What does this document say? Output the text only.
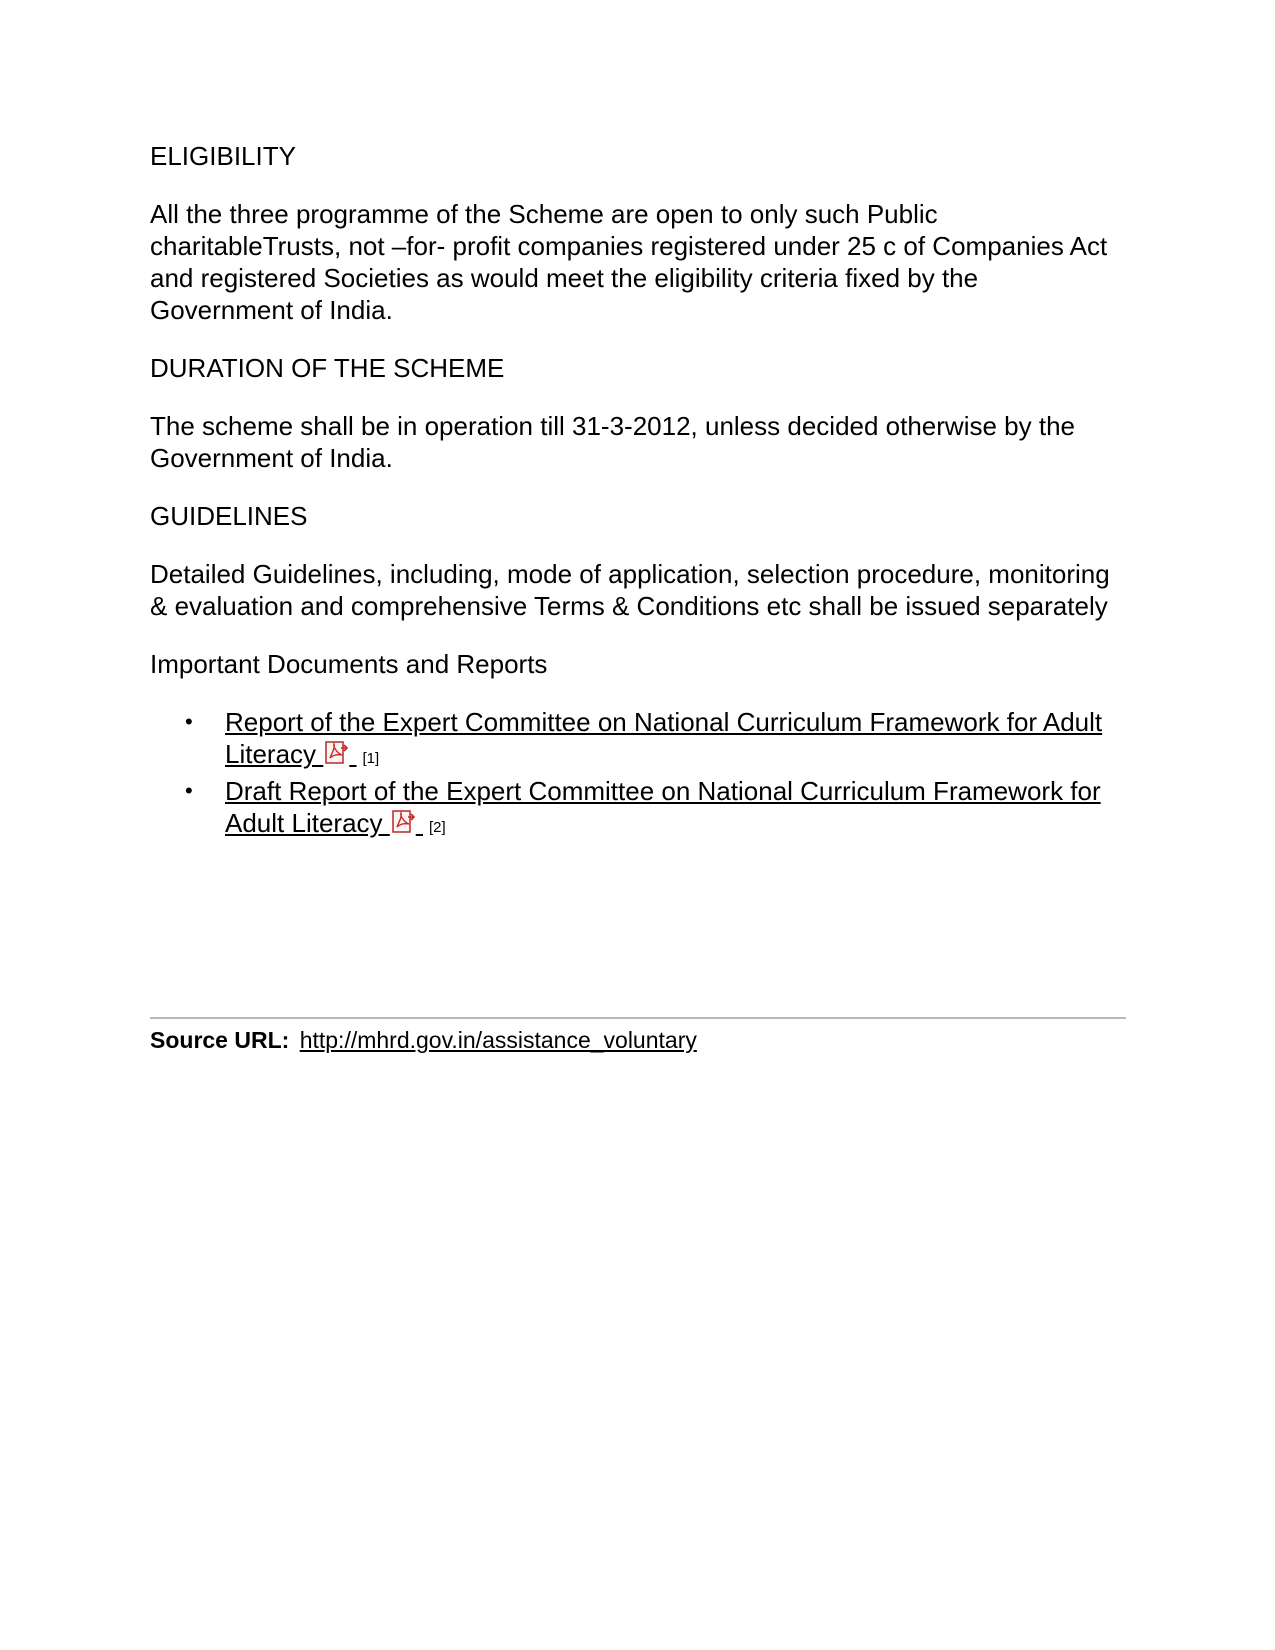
ELIGIBILITY

All the three programme of the Scheme are open to only such Public charitableTrusts, not –for- profit companies registered under 25 c of Companies Act and registered Societies as would meet the eligibility criteria fixed by the Government of India.

DURATION OF THE SCHEME

The scheme shall be in operation till 31-3-2012, unless decided otherwise by the Government of India.

GUIDELINES

Detailed Guidelines, including, mode of application, selection procedure, monitoring & evaluation and comprehensive Terms & Conditions etc shall be issued separately

Important Documents and Reports
• Report of the Expert Committee on National Curriculum Framework for Adult Literacy	[1]
• Draft Report of the Expert Committee on National Curriculum Framework for Adult Literacy	[2]
Source URL: http://mhrd.gov.in/assistance_voluntary
